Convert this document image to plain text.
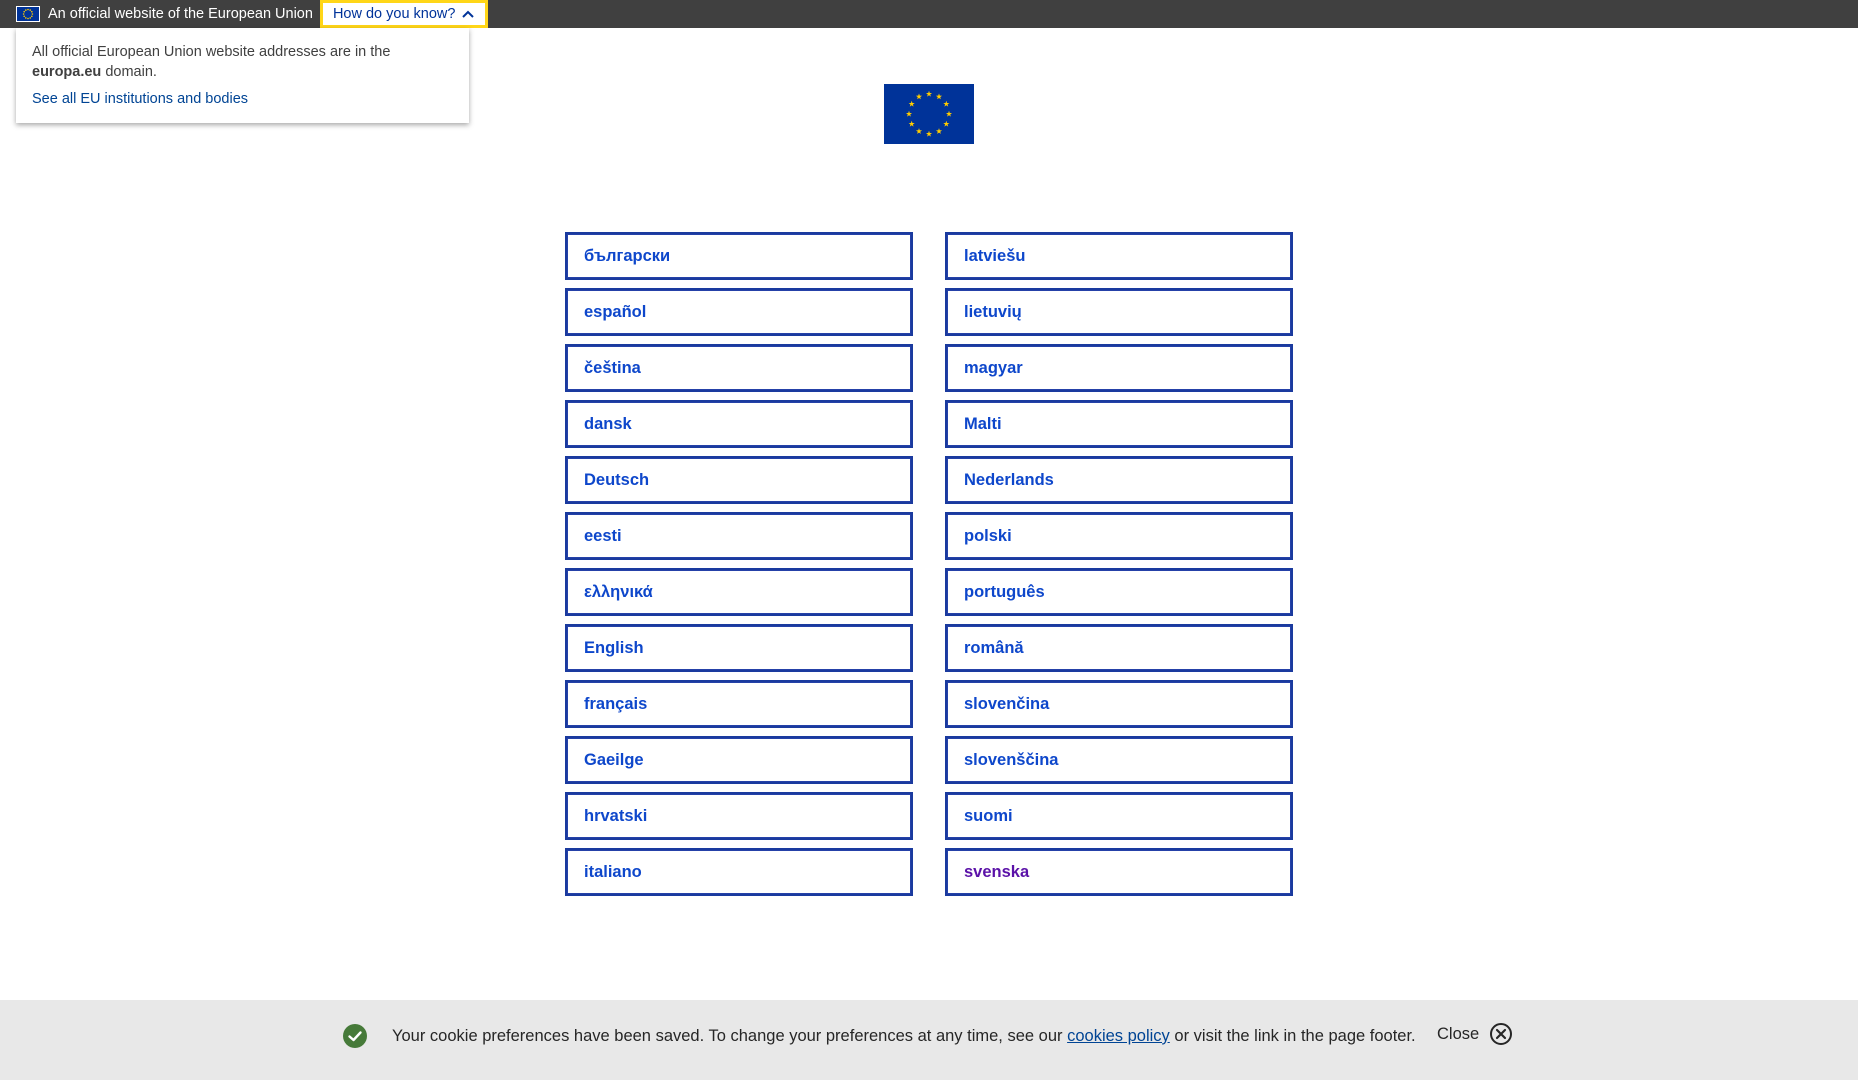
An official website of the European Union How do you know?

All official European Union website addresses are in the europa.eu domain.

See all EU institutions and bodies
български
español
čeština
dansk
Deutsch
eesti
ελληνικά
English
français
Gaeilge
hrvatski
italiano
latviešu
lietuvių
magyar
Malti
Nederlands
polski
português
română
slovenčina
slovenščina
suomi
svenska

Your cookie preferences have been saved. To change your preferences at any time, see our cookies policy or visit the link in the page footer. Close
